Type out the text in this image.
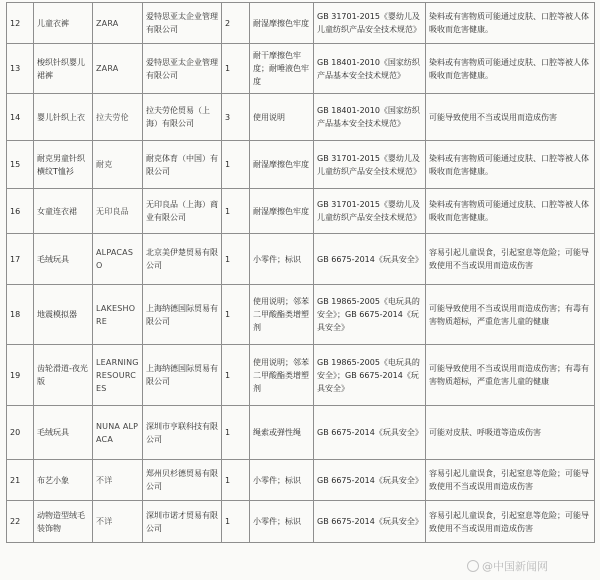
12	儿童衣裤	ZARA	爱特思亚太企业管理有限公司	2	耐湿摩擦色牢度	GB 31701-2015《婴幼儿及儿童纺织产品安全技术规范》	染料或有害物质可能通过皮肤、口腔等被人体吸收而危害健康。
13	梭织针织婴儿裙裤	ZARA	爱特思亚太企业管理有限公司	1	耐干摩擦色牢度；耐唾液色牢度	GB 18401-2010《国家纺织产品基本安全技术规范》	染料或有害物质可能通过皮肤、口腔等被人体吸收而危害健康。
14	婴儿针织上衣	拉夫劳伦	拉夫劳伦贸易（上海）有限公司	3	使用说明	GB 18401-2010《国家纺织产品基本安全技术规范》	可能导致使用不当或误用而造成伤害
15	耐克男童针织横纹T恤衫	耐克	耐克体育（中国）有限公司	1	耐湿摩擦色牢度	GB 31701-2015《婴幼儿及儿童纺织产品安全技术规范》	染料或有害物质可能通过皮肤、口腔等被人体吸收而危害健康。
16	女童连衣裙	无印良品	无印良品（上海）商业有限公司	1	耐湿摩擦色牢度	GB 31701-2015《婴幼儿及儿童纺织产品安全技术规范》	染料或有害物质可能通过皮肤、口腔等被人体吸收而危害健康。
17	毛绒玩具	ALPACASO	北京美伊楚贸易有限公司	1	小零件；标识	GB 6675-2014《玩具安全》	容易引起儿童误食，引起窒息等危险；可能导致使用不当或误用而造成伤害
18	地震模拟器	LAKESHORE	上海纳德国际贸易有限公司	1	使用说明；邻苯二甲酸酯类增塑剂	GB 19865-2005《电玩具的安全》；GB 6675-2014《玩具安全》	可能导致使用不当或误用而造成伤害；有毒有害物质超标，严重危害儿童的健康
19	齿轮滑道-夜光版	LEARNING RESOURCES	上海纳德国际贸易有限公司	1	使用说明；邻苯二甲酸酯类增塑剂	GB 19865-2005《电玩具的安全》；GB 6675-2014《玩具安全》	可能导致使用不当或误用而造成伤害；有毒有害物质超标，严重危害儿童的健康
20	毛绒玩具	NUNA ALPACA	深圳市亨联科技有限公司	1	绳索或弹性绳	GB 6675-2014《玩具安全》	可能对皮肤、呼吸道等造成伤害
21	布艺小象	不详	郑州贝杉德贸易有限公司	1	小零件；标识	GB 6675-2014《玩具安全》	容易引起儿童误食，引起窒息等危险；可能导致使用不当或误用而造成伤害
22	动物造型绒毛装饰物	不详	深圳市诺才贸易有限公司	1	小零件；标识	GB 6675-2014《玩具安全》	容易引起儿童误食，引起窒息等危险；可能导致使用不当或误用而造成伤害
@中国新闻网
